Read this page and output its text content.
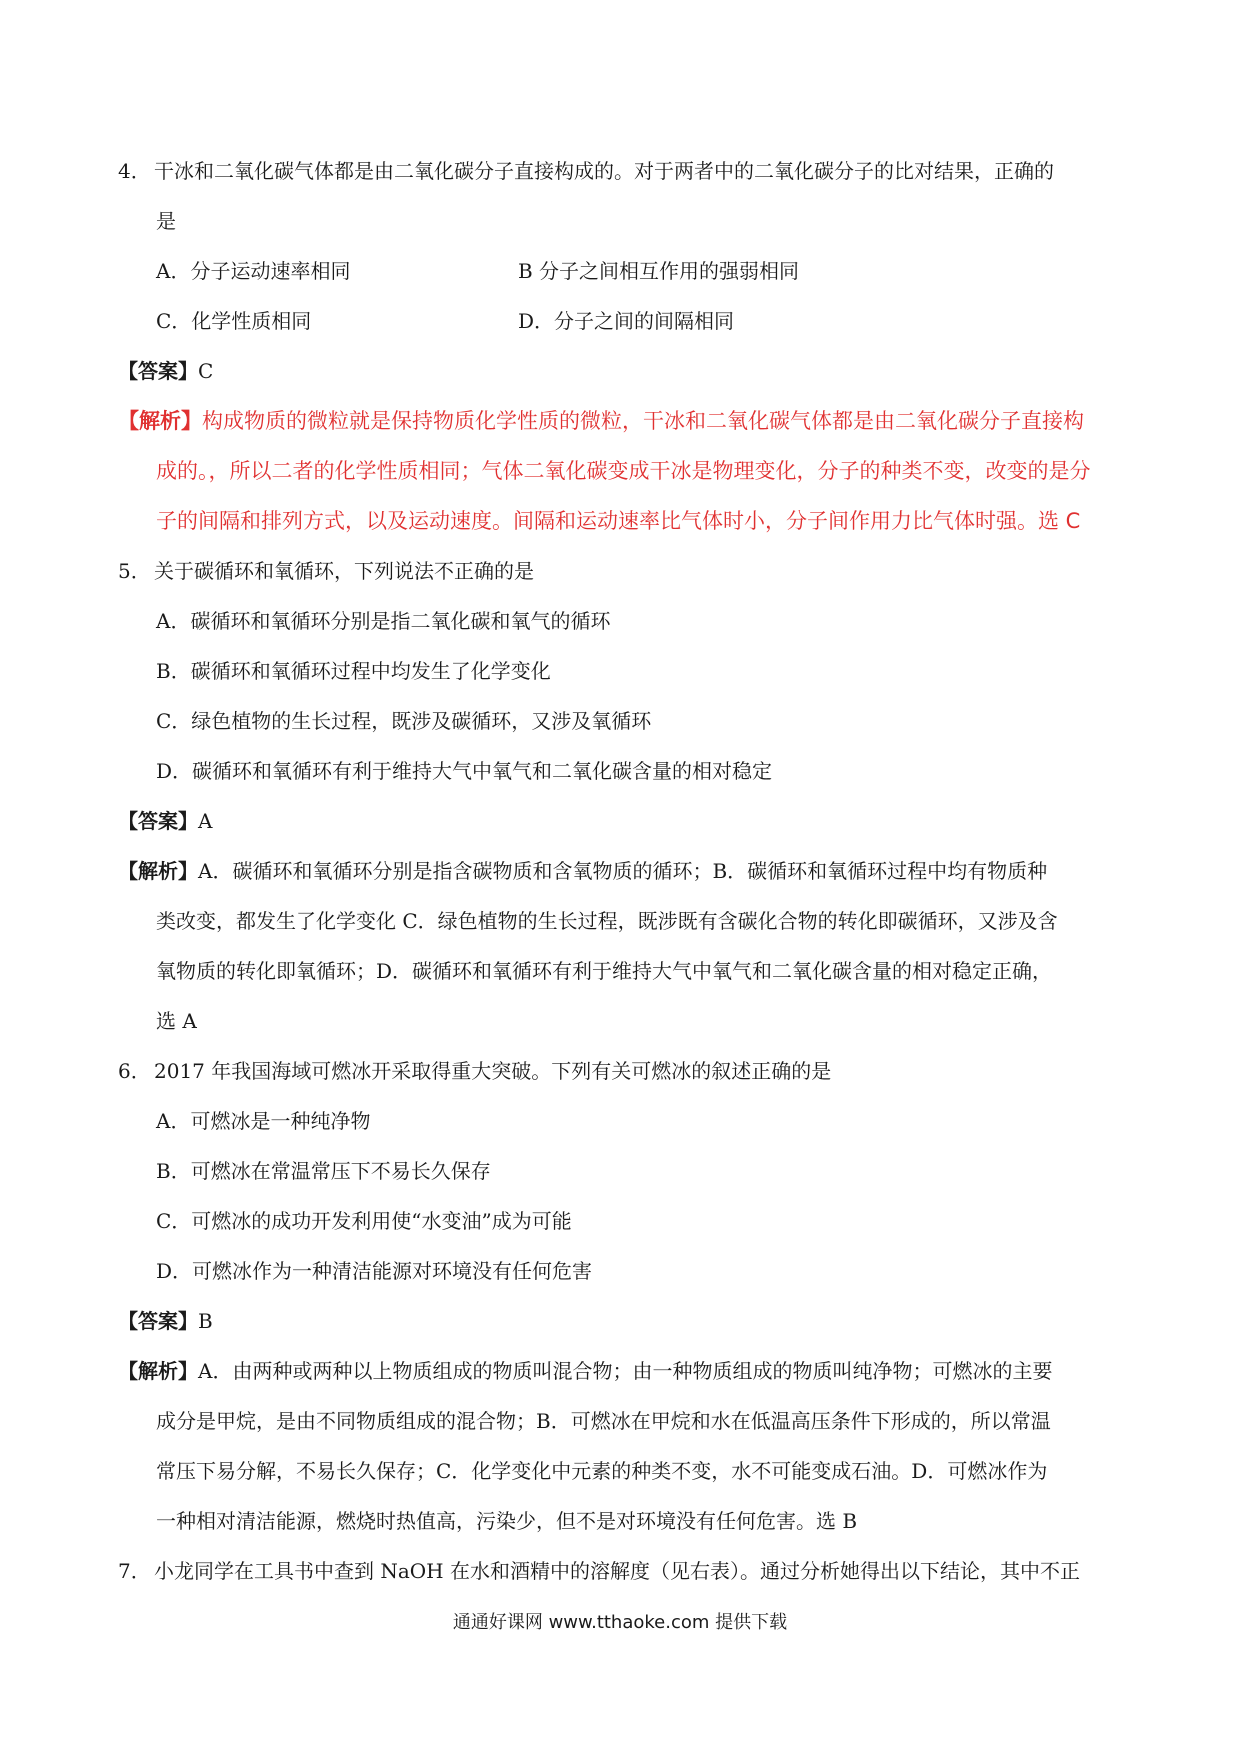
4． 干冰和二氧化碳气体都是由二氧化碳分子直接构成的。对于两者中的二氧化碳分子的比对结果，正确的
是
A．分子运动速率相同	B 分子之间相互作用的强弱相同
C．化学性质相同	D．分子之间的间隔相同
【答案】C
【解析】构成物质的微粒就是保持物质化学性质的微粒，干冰和二氧化碳气体都是由二氧化碳分子直接构
成的。，所以二者的化学性质相同；气体二氧化碳变成干冰是物理变化，分子的种类不变，改变的是分
子的间隔和排列方式，以及运动速度。间隔和运动速率比气体时小，分子间作用力比气体时强。选 C
5． 关于碳循环和氧循环，下列说法不正确的是
A．碳循环和氧循环分别是指二氧化碳和氧气的循环
B．碳循环和氧循环过程中均发生了化学变化
C．绿色植物的生长过程，既涉及碳循环，又涉及氧循环
D．碳循环和氧循环有利于维持大气中氧气和二氧化碳含量的相对稳定
【答案】A
【解析】A．碳循环和氧循环分别是指含碳物质和含氧物质的循环；B．碳循环和氧循环过程中均有物质种
类改变，都发生了化学变化 C．绿色植物的生长过程，既涉既有含碳化合物的转化即碳循环，又涉及含
氧物质的转化即氧循环；D．碳循环和氧循环有利于维持大气中氧气和二氧化碳含量的相对稳定正确，
选 A
6． 2017 年我国海域可燃冰开采取得重大突破。下列有关可燃冰的叙述正确的是
A．可燃冰是一种纯净物
B．可燃冰在常温常压下不易长久保存
C．可燃冰的成功开发利用使“水变油”成为可能
D．可燃冰作为一种清洁能源对环境没有任何危害
【答案】B
【解析】A．由两种或两种以上物质组成的物质叫混合物；由一种物质组成的物质叫纯净物；可燃冰的主要
成分是甲烷，是由不同物质组成的混合物；B．可燃冰在甲烷和水在低温高压条件下形成的，所以常温
常压下易分解，不易长久保存；C．化学变化中元素的种类不变，水不可能变成石油。D．可燃冰作为
一种相对清洁能源，燃烧时热值高，污染少，但不是对环境没有任何危害。选 B
7． 小龙同学在工具书中查到 NaOH 在水和酒精中的溶解度（见右表）。通过分析她得出以下结论，其中不正
通通好课网 www.tthaoke.com 提供下载
